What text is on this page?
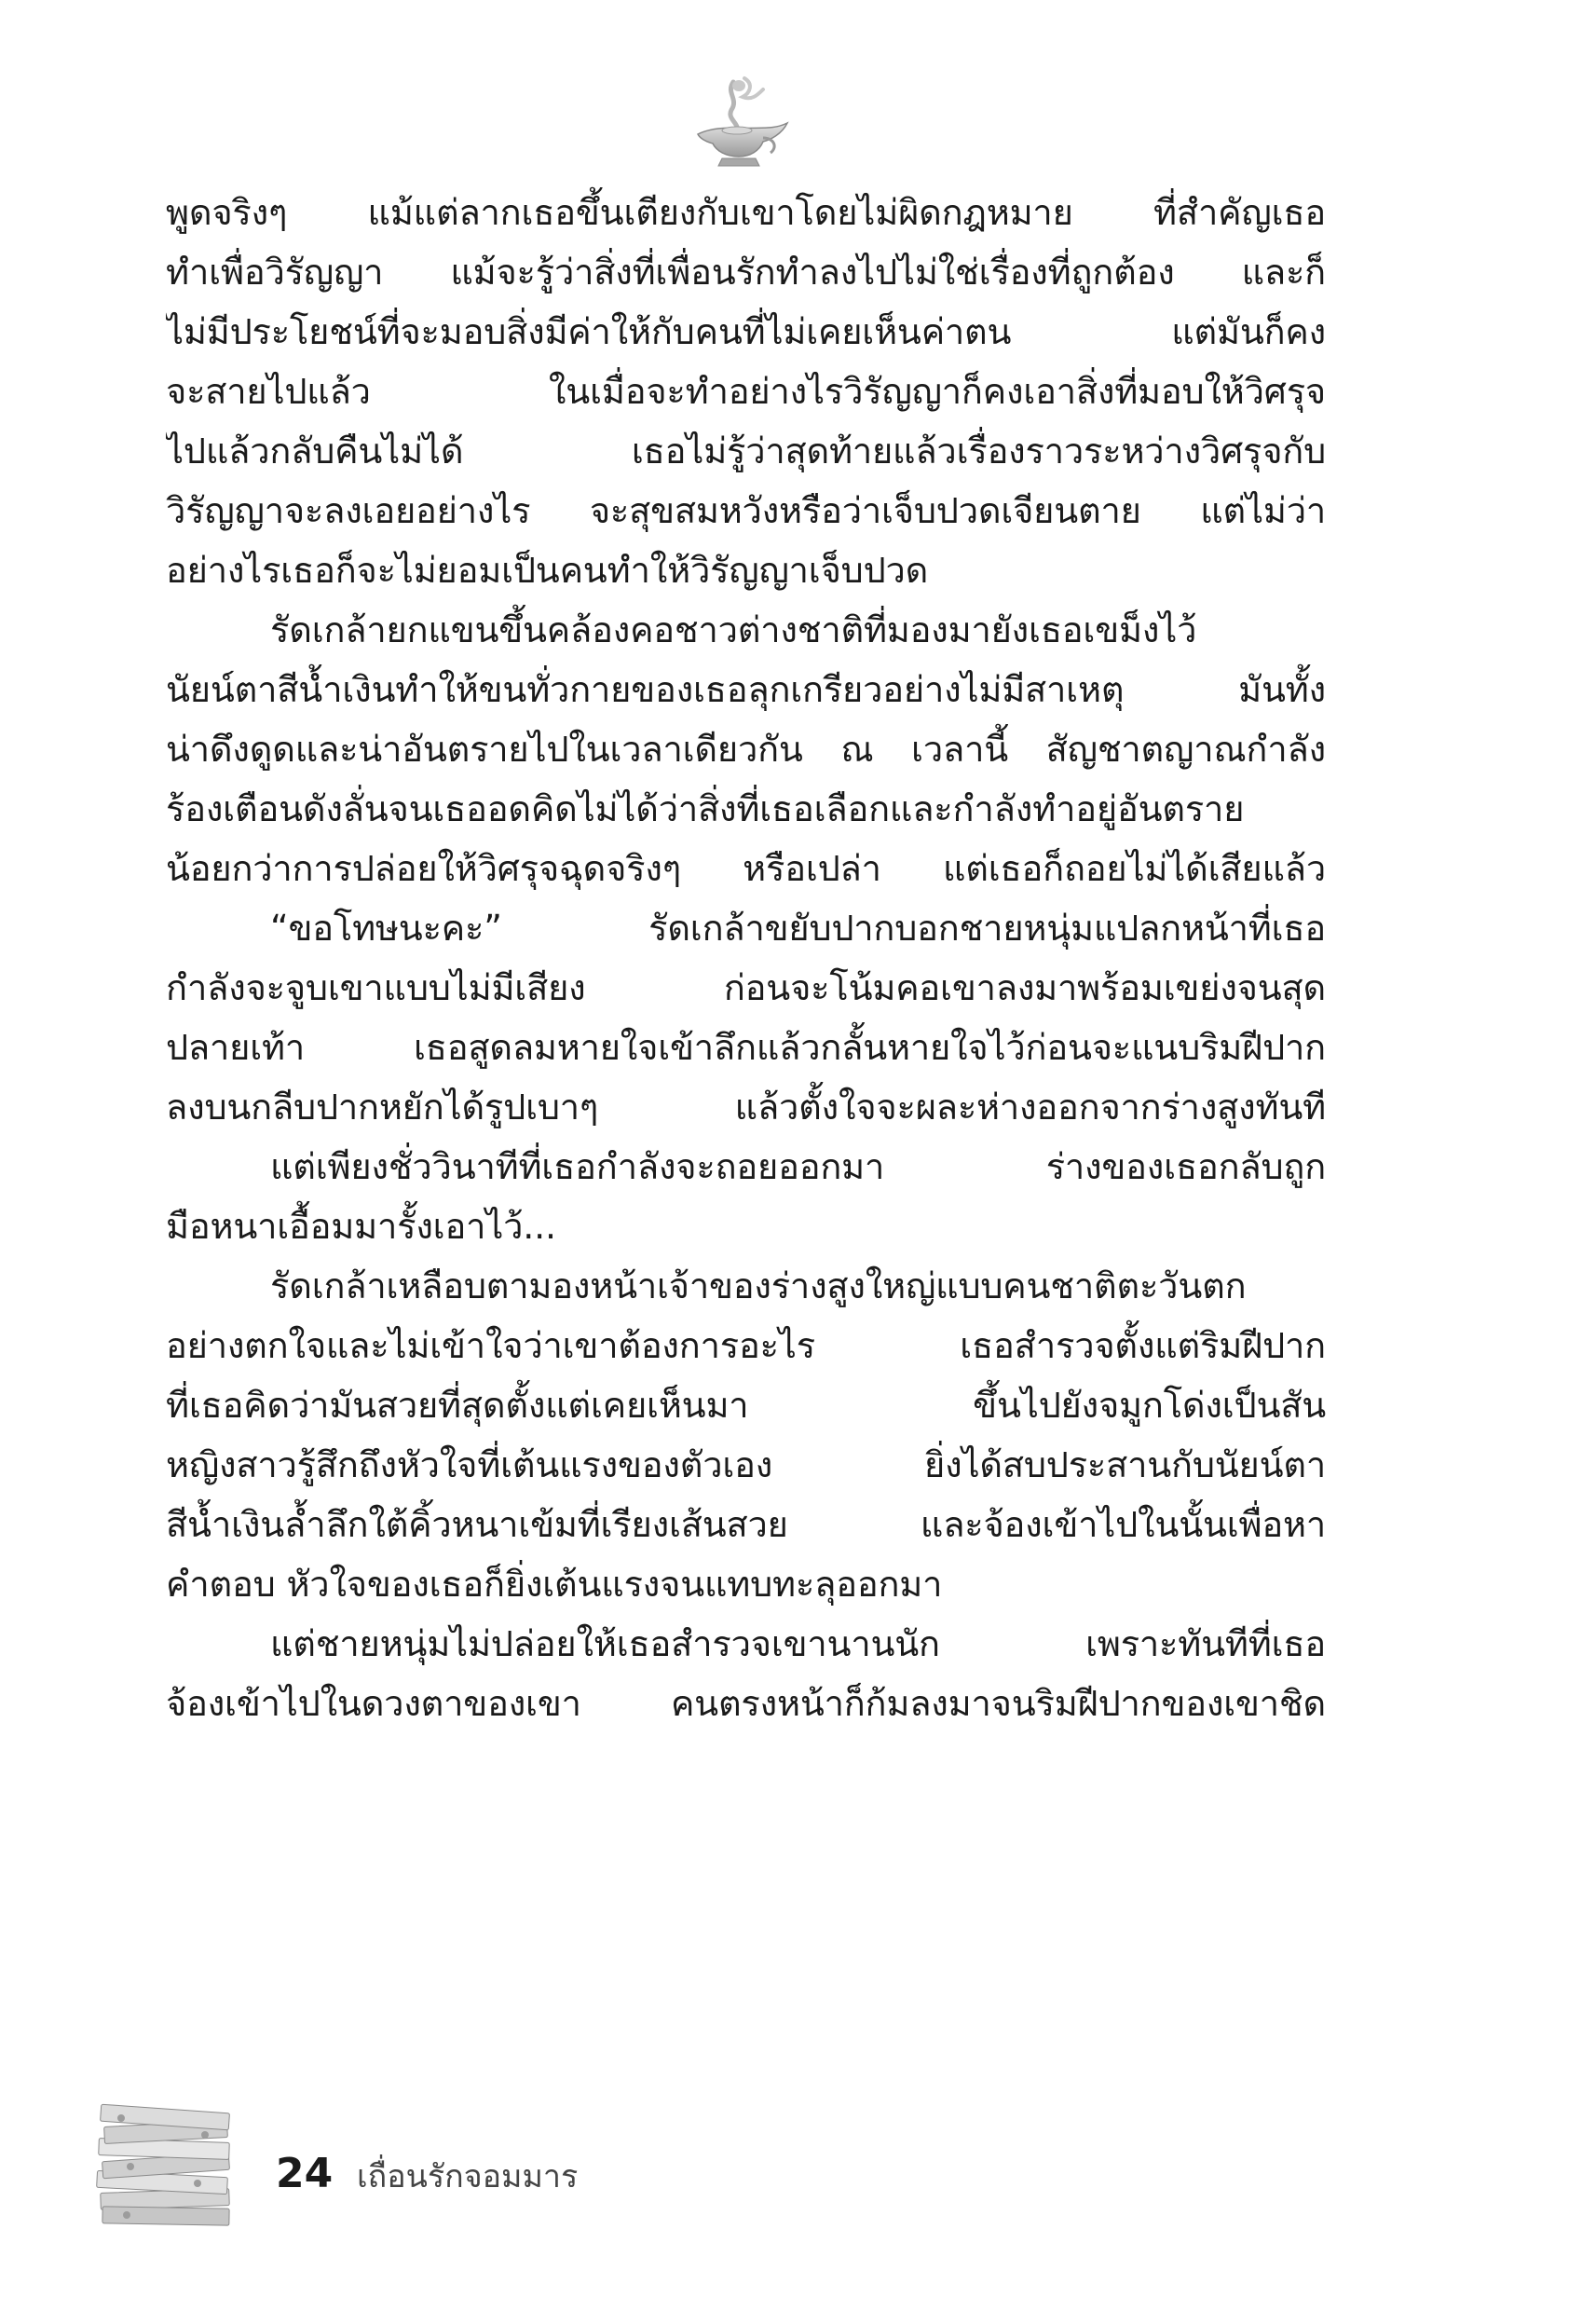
พูดจริงๆ แม้แต่ลากเธอขึ้นเตียงกับเขาโดยไม่ผิดกฎหมาย ที่สำคัญเธอ
ทำเพื่อวิรัญญา แม้จะรู้ว่าสิ่งที่เพื่อนรักทำลงไปไม่ใช่เรื่องที่ถูกต้อง และก็
ไม่มีประโยชน์ที่จะมอบสิ่งมีค่าให้กับคนที่ไม่เคยเห็นค่าตน แต่มันก็คง
จะสายไปแล้ว ในเมื่อจะทำอย่างไรวิรัญญาก็คงเอาสิ่งที่มอบให้วิศรุจ
ไปแล้วกลับคืนไม่ได้ เธอไม่รู้ว่าสุดท้ายแล้วเรื่องราวระหว่างวิศรุจกับ
วิรัญญาจะลงเอยอย่างไร จะสุขสมหวังหรือว่าเจ็บปวดเจียนตาย แต่ไม่ว่า
อย่างไรเธอก็จะไม่ยอมเป็นคนทำให้วิรัญญาเจ็บปวด
รัดเกล้ายกแขนขึ้นคล้องคอชาวต่างชาติที่มองมายังเธอเขม็งไว้
นัยน์ตาสีน้ำเงินทำให้ขนทั่วกายของเธอลุกเกรียวอย่างไม่มีสาเหตุ มันทั้ง
น่าดึงดูดและน่าอันตรายไปในเวลาเดียวกัน ณ เวลานี้ สัญชาตญาณกำลัง
ร้องเตือนดังลั่นจนเธออดคิดไม่ได้ว่าสิ่งที่เธอเลือกและกำลังทำอยู่อันตราย
น้อยกว่าการปล่อยให้วิศรุจฉุดจริงๆ หรือเปล่า แต่เธอก็ถอยไม่ได้เสียแล้ว
“ขอโทษนะคะ” รัดเกล้าขยับปากบอกชายหนุ่มแปลกหน้าที่เธอ
กำลังจะจูบเขาแบบไม่มีเสียง ก่อนจะโน้มคอเขาลงมาพร้อมเขย่งจนสุด
ปลายเท้า เธอสูดลมหายใจเข้าลึกแล้วกลั้นหายใจไว้ก่อนจะแนบริมฝีปาก
ลงบนกลีบปากหยักได้รูปเบาๆ แล้วตั้งใจจะผละห่างออกจากร่างสูงทันที
แต่เพียงชั่ววินาทีที่เธอกำลังจะถอยออกมา ร่างของเธอกลับถูก
มือหนาเอื้อมมารั้งเอาไว้...
รัดเกล้าเหลือบตามองหน้าเจ้าของร่างสูงใหญ่แบบคนชาติตะวันตก
อย่างตกใจและไม่เข้าใจว่าเขาต้องการอะไร เธอสำรวจตั้งแต่ริมฝีปาก
ที่เธอคิดว่ามันสวยที่สุดตั้งแต่เคยเห็นมา ขึ้นไปยังจมูกโด่งเป็นสัน
หญิงสาวรู้สึกถึงหัวใจที่เต้นแรงของตัวเอง ยิ่งได้สบประสานกับนัยน์ตา
สีน้ำเงินล้ำลึกใต้คิ้วหนาเข้มที่เรียงเส้นสวย และจ้องเข้าไปในนั้นเพื่อหา
คำตอบ หัวใจของเธอก็ยิ่งเต้นแรงจนแทบทะลุออกมา
แต่ชายหนุ่มไม่ปล่อยให้เธอสำรวจเขานานนัก เพราะทันทีที่เธอ
จ้องเข้าไปในดวงตาของเขา คนตรงหน้าก็ก้มลงมาจนริมฝีปากของเขาชิด
24 เถื่อนรักจอมมาร
